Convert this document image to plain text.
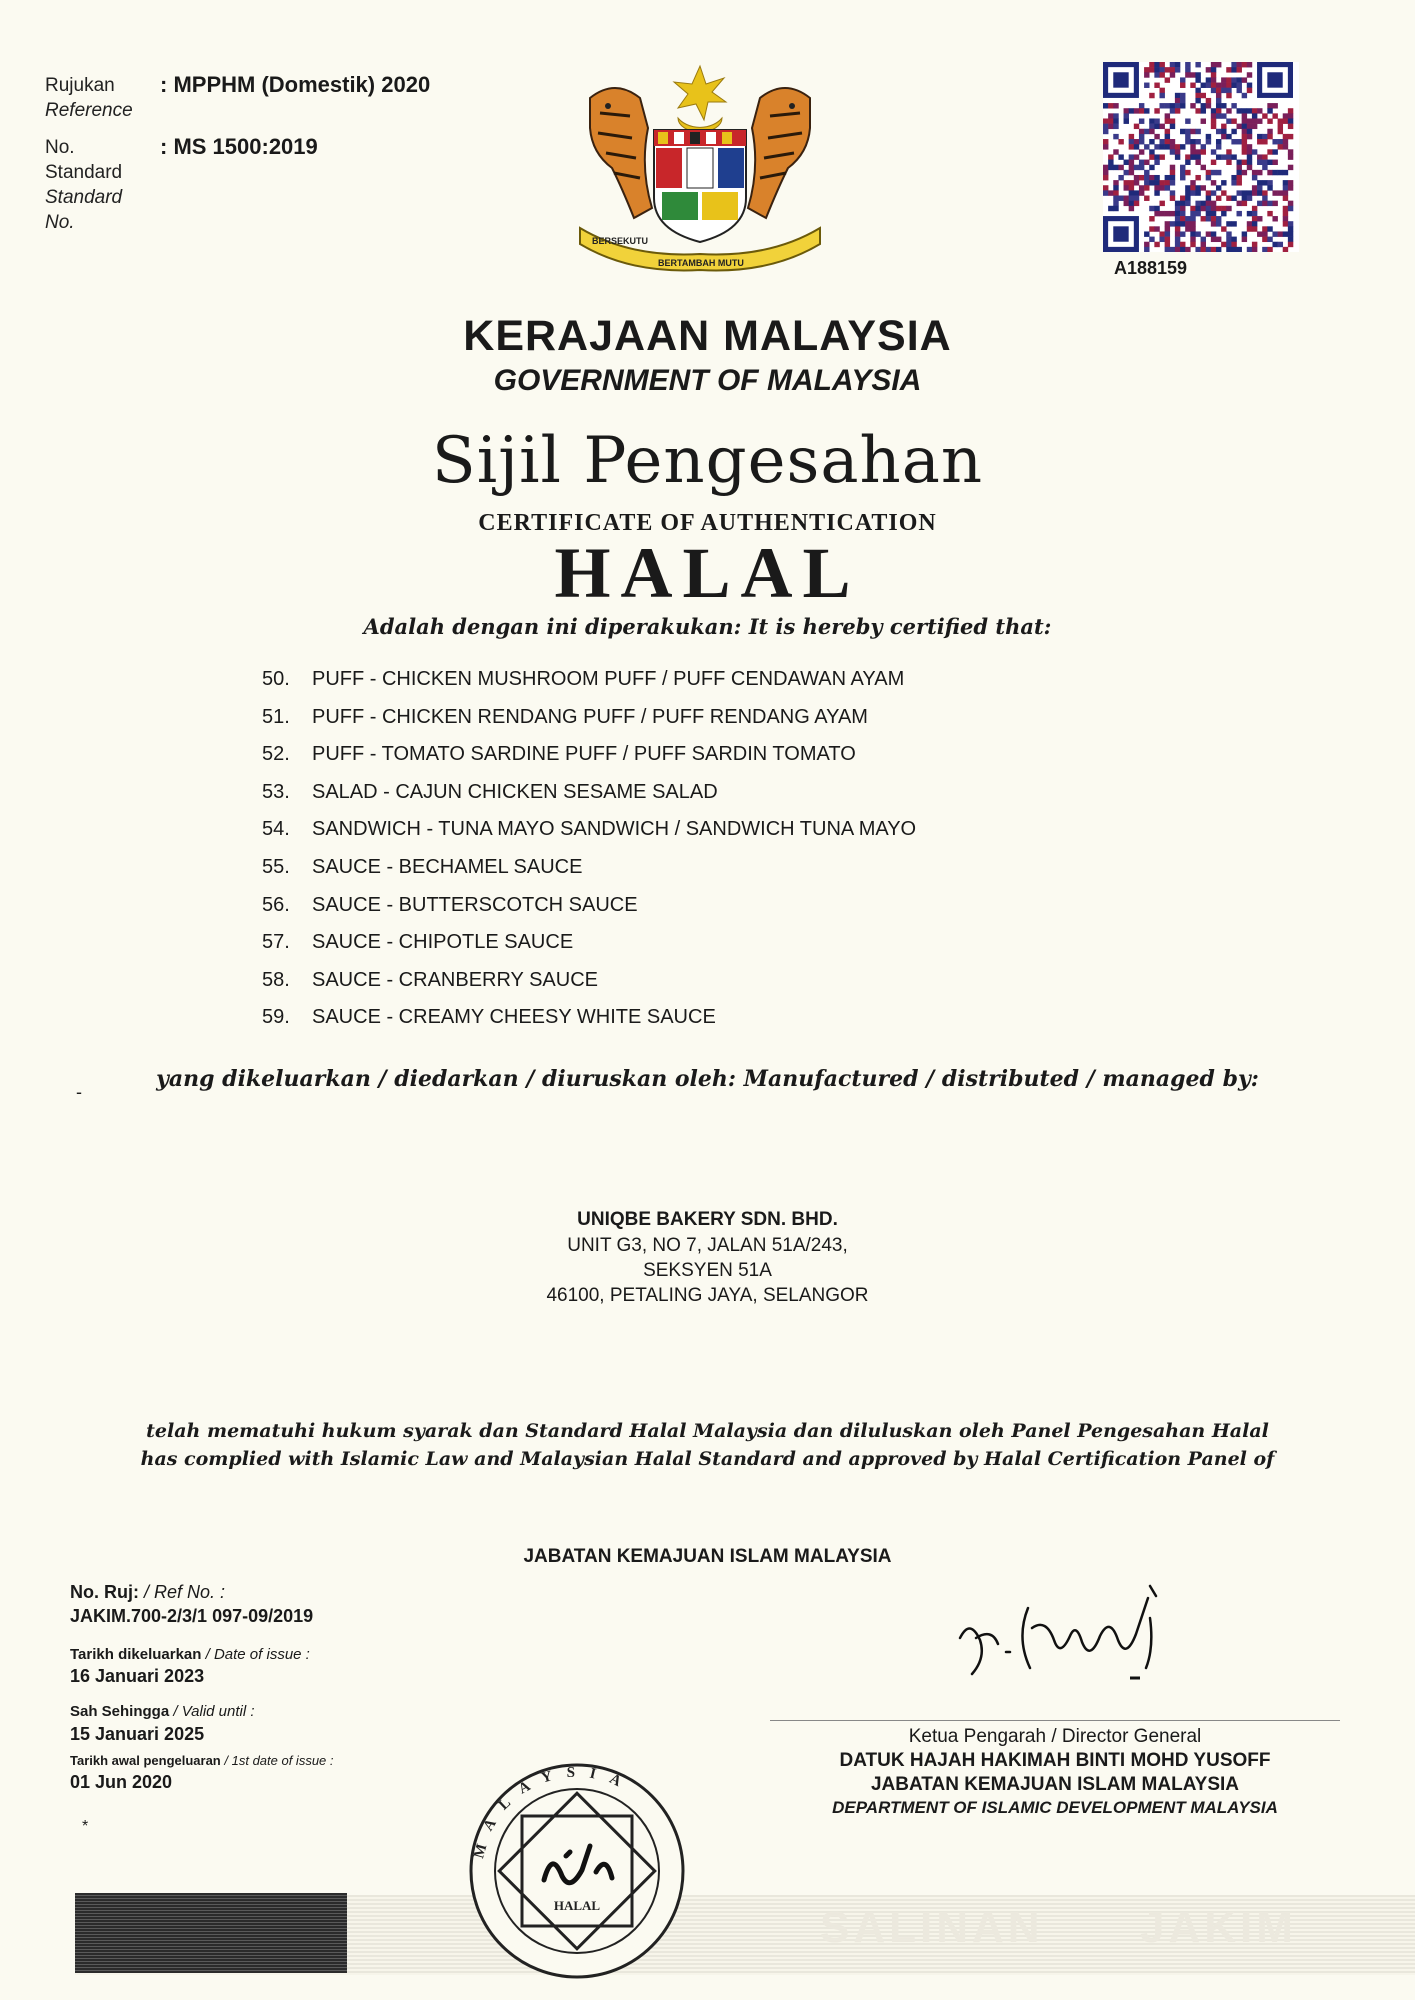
Rujukan
Reference
: MPPHM (Domestik) 2020
No.
Standard
Standard
No.
: MS 1500:2019
BERSEKUTU
BERTAMBAH MUTU	A188159
KERAJAAN MALAYSIA
GOVERNMENT OF MALAYSIA
Sijil Pengesahan
CERTIFICATE OF AUTHENTICATION
HALAL
Adalah dengan ini diperakukan: It is hereby certified that:
50.	PUFF - CHICKEN MUSHROOM PUFF / PUFF CENDAWAN AYAM
51.	PUFF - CHICKEN RENDANG PUFF / PUFF RENDANG AYAM
52.	PUFF - TOMATO SARDINE PUFF / PUFF SARDIN TOMATO
53.	SALAD - CAJUN CHICKEN SESAME SALAD
54.	SANDWICH - TUNA MAYO SANDWICH / SANDWICH TUNA MAYO
55.	SAUCE - BECHAMEL SAUCE
56.	SAUCE - BUTTERSCOTCH SAUCE
57.	SAUCE - CHIPOTLE SAUCE
58.	SAUCE - CRANBERRY SAUCE
59.	SAUCE - CREAMY CHEESY WHITE SAUCE
-	yang dikeluarkan / diedarkan / diuruskan oleh: Manufactured / distributed / managed by:
UNIQBE BAKERY SDN. BHD.
UNIT G3, NO 7, JALAN 51A/243,
SEKSYEN 51A
46100, PETALING JAYA, SELANGOR
telah mematuhi hukum syarak dan Standard Halal Malaysia dan diluluskan oleh Panel Pengesahan Halal
has complied with Islamic Law and Malaysian Halal Standard and approved by Halal Certification Panel of
JABATAN KEMAJUAN ISLAM MALAYSIA
No. Ruj: / Ref No. :
JAKIM.700-2/3/1 097-09/2019
Tarikh dikeluarkan / Date of issue :
16 Januari 2023
Sah Sehingga / Valid until :
15 Januari 2025
Tarikh awal pengeluaran / 1st date of issue :
01 Jun 2020
*
Ketua Pengarah / Director General
DATUK HAJAH HAKIMAH BINTI MOHD YUSOFF
JABATAN KEMAJUAN ISLAM MALAYSIA
DEPARTMENT OF ISLAMIC DEVELOPMENT MALAYSIA
SALINAN JAKIM
MALAYSIA
HALAL
